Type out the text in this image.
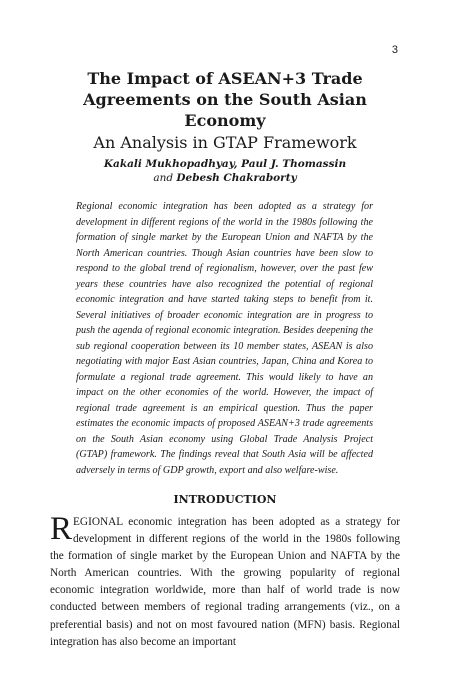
3
The Impact of ASEAN+3 Trade
Agreements on the South Asian Economy
An Analysis in GTAP Framework
Kakali Mukhopadhyay, Paul J. Thomassin
and Debesh Chakraborty

Regional economic integration has been adopted as a strategy for development in different regions of the world in the 1980s following the formation of single market by the European Union and NAFTA by the North American countries. Though Asian countries have been slow to respond to the global trend of regionalism, however, over the past few years these countries have also recognized the potential of regional economic integration and have started taking steps to benefit from it. Several initiatives of broader economic integration are in progress to push the agenda of regional economic integration. Besides deepening the sub regional cooperation between its 10 member states, ASEAN is also negotiating with major East Asian countries, Japan, China and Korea to formulate a regional trade agreement. This would likely to have an impact on the other economies of the world. However, the impact of regional trade agreement is an empirical question. Thus the paper estimates the economic impacts of proposed ASEAN+3 trade agreements on the South Asian economy using Global Trade Analysis Project (GTAP) framework. The findings reveal that South Asia will be affected adversely in terms of GDP growth, export and also welfare-wise.

INTRODUCTION

REGIONAL economic integration has been adopted as a strategy for development in different regions of the world in the 1980s following the formation of single market by the European Union and NAFTA by the North American countries. With the growing popularity of regional economic integration worldwide, more than half of world trade is now conducted between members of regional trading arrangements (viz., on a preferential basis) and not on most favoured nation (MFN) basis. Regional integration has also become an important
